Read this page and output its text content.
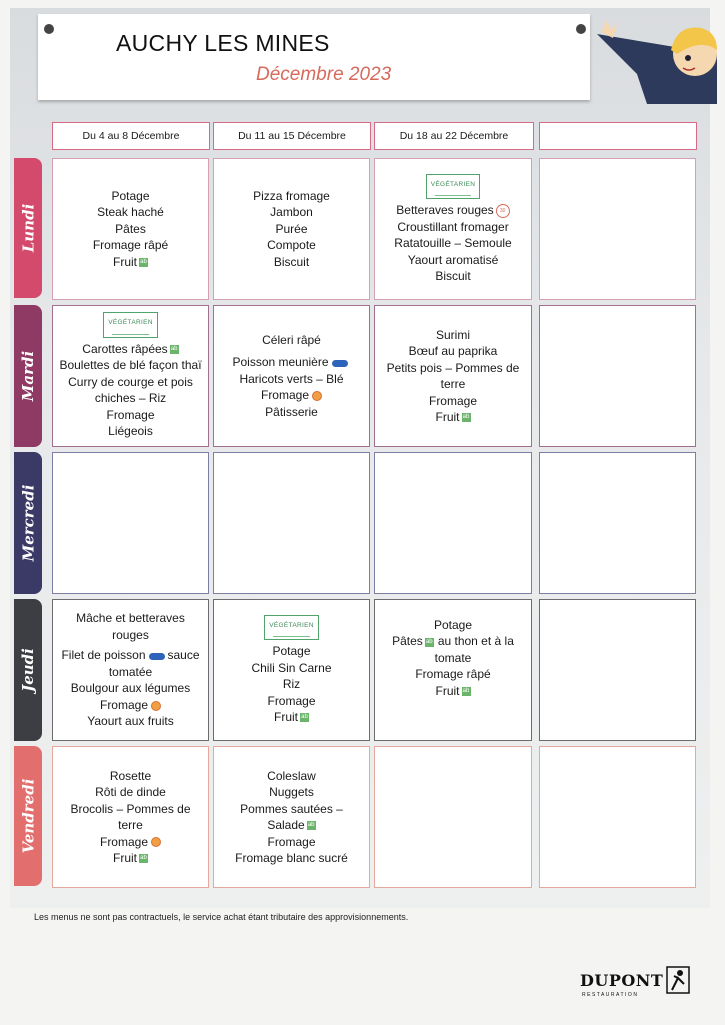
AUCHY LES MINES
Décembre 2023
Du 4 au 8 Décembre	Du 11 au 15 Décembre	Du 18 au 22 Décembre
Lundi
Mardi
Mercredi
Jeudi
Vendredi
Potage
Steak haché
Pâtes
Fromage râpé
Fruit ab
Pizza fromage
Jambon
Purée
Compote
Biscuit
VÉGÉTARIEN
Betteraves rouges 30
Croustillant fromager
Ratatouille – Semoule
Yaourt aromatisé
Biscuit
VÉGÉTARIEN
Carottes râpées ab
Boulettes de blé façon thaï
Curry de courge et pois
chiches – Riz
Fromage
Liégeois
Céleri râpé
Poisson meunière
Haricots verts – Blé
Fromage
Pâtisserie
Surimi
Bœuf au paprika
Petits pois – Pommes de
terre
Fromage
Fruit ab
Mâche et betteraves rouges
Filet de poisson sauce
tomatée
Boulgour aux légumes
Fromage
Yaourt aux fruits
VÉGÉTARIEN
Potage
Chili Sin Carne
Riz
Fromage
Fruit ab
Potage
Pâtes ab au thon et à la
tomate
Fromage râpé
Fruit ab
Rosette
Rôti de dinde
Brocolis – Pommes de
terre
Fromage
Fruit ab
Coleslaw
Nuggets
Pommes sautées – Salade ab
Fromage
Fromage blanc sucré
Les menus ne sont pas contractuels, le service achat étant tributaire des approvisionnements.
DUPONT
RESTAURATION
